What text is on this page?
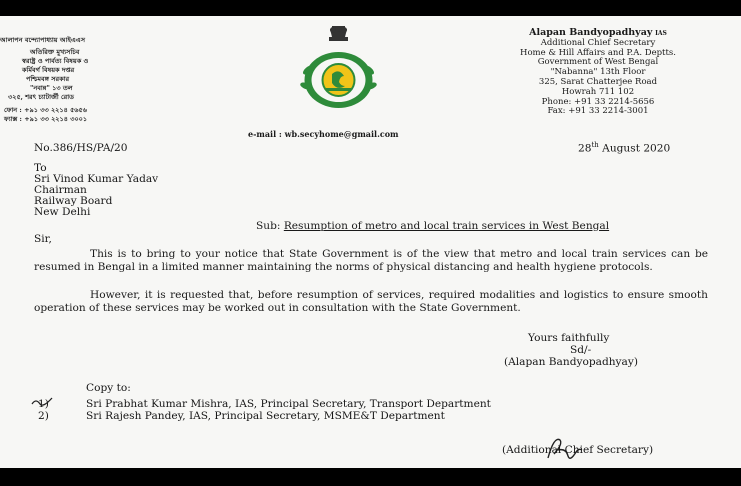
আলাপন বন্দ্যোপাধ্যায় আইএএস
অতিরিক্ত মুখ্যসচিব
স্বরাষ্ট্র ও পার্বত্য বিষয়ক ও
কর্মিবর্গ বিষয়ক দপ্তর
পশ্চিমবঙ্গ সরকার
"নবান্ন" ১৩ তল
৩২৫, শরৎ চ্যাটার্জী রোড
ফোন : +৯১ ৩৩ ২২১৪ ৫৬৫৬
ফ্যাক্স : +৯১ ৩৩ ২২১৪ ৩০০১
Alapan Bandyopadhyay IAS
Additional Chief Secretary
Home & Hill Affairs and P.A. Deptts.
Government of West Bengal
"Nabanna" 13th Floor
325, Sarat Chatterjee Road
Howrah 711 102
Phone: +91 33 2214-5656
Fax: +91 33 2214-3001
e-mail : wb.secyhome@gmail.com
No.386/HS/PA/20	28th August 2020
To
Sri Vinod Kumar Yadav
Chairman
Railway Board
New Delhi
Sub: Resumption of metro and local train services in West Bengal
Sir,
This is to bring to your notice that State Government is of the view that metro and local train services can be resumed in Bengal in a limited manner maintaining the norms of physical distancing and health hygiene protocols.
However, it is requested that, before resumption of services, required modalities and logistics to ensure smooth operation of these services may be worked out in consultation with the State Government.
Yours faithfully
Sd/-
(Alapan Bandyopadhyay)
Copy to:
1)	Sri Prabhat Kumar Mishra, IAS, Principal Secretary, Transport Department
2)	Sri Rajesh Pandey, IAS, Principal Secretary, MSME&T Department
(Additional Chief Secretary)
